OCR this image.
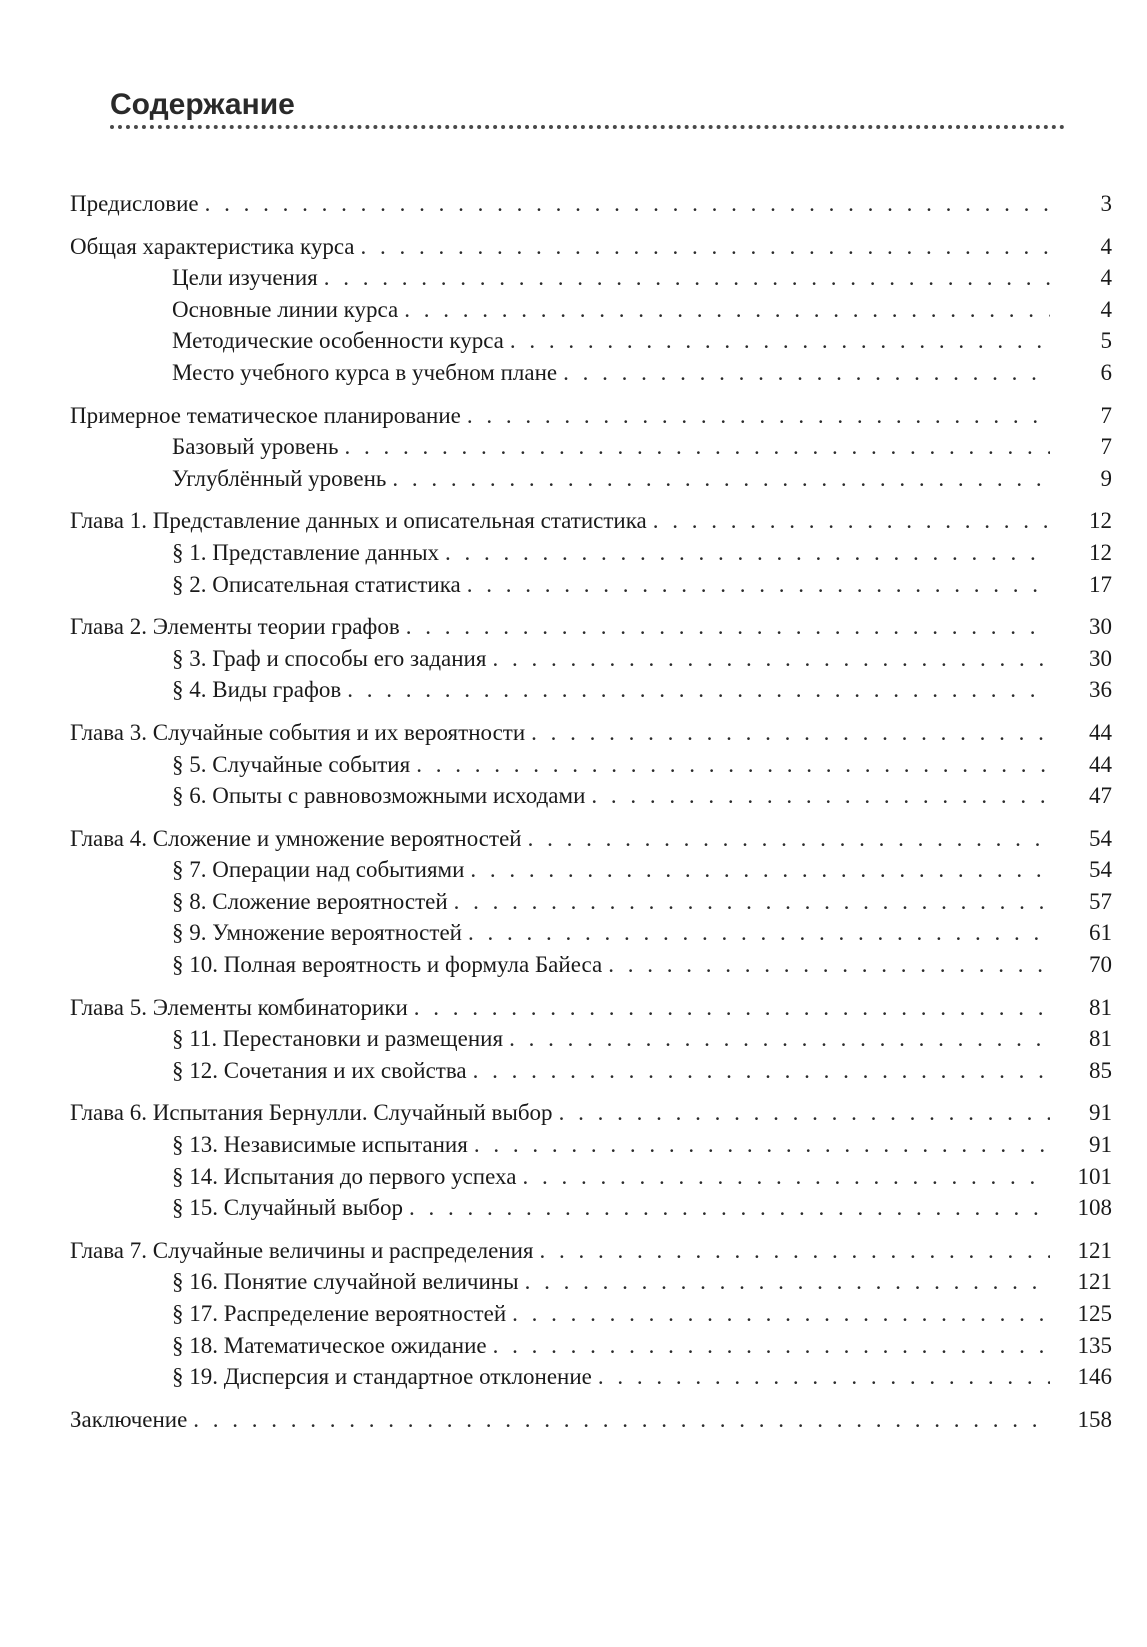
Содержание
Предисловие . . .	3
Общая характеристика курса . . .	4
Цели изучения . . .	4
Основные линии курса . . .	4
Методические особенности курса . . .	5
Место учебного курса в учебном плане . . .	6
Примерное тематическое планирование . . .	7
Базовый уровень . . .	7
Углублённый уровень . . .	9
Глава 1. Представление данных и описательная статистика . . .	12
§ 1. Представление данных . . .	12
§ 2. Описательная статистика . . .	17
Глава 2. Элементы теории графов . . .	30
§ 3. Граф и способы его задания . . .	30
§ 4. Виды графов . . .	36
Глава 3. Случайные события и их вероятности . . .	44
§ 5. Случайные события . . .	44
§ 6. Опыты с равновозможными исходами . . .	47
Глава 4. Сложение и умножение вероятностей . . .	54
§ 7. Операции над событиями . . .	54
§ 8. Сложение вероятностей . . .	57
§ 9. Умножение вероятностей . . .	61
§ 10. Полная вероятность и формула Байеса . . .	70
Глава 5. Элементы комбинаторики . . .	81
§ 11. Перестановки и размещения . . .	81
§ 12. Сочетания и их свойства . . .	85
Глава 6. Испытания Бернулли. Случайный выбор . . .	91
§ 13. Независимые испытания . . .	91
§ 14. Испытания до первого успеха . . .	101
§ 15. Случайный выбор . . .	108
Глава 7. Случайные величины и распределения . . .	121
§ 16. Понятие случайной величины . . .	121
§ 17. Распределение вероятностей . . .	125
§ 18. Математическое ожидание . . .	135
§ 19. Дисперсия и стандартное отклонение . . .	146
Заключение . . .	158
